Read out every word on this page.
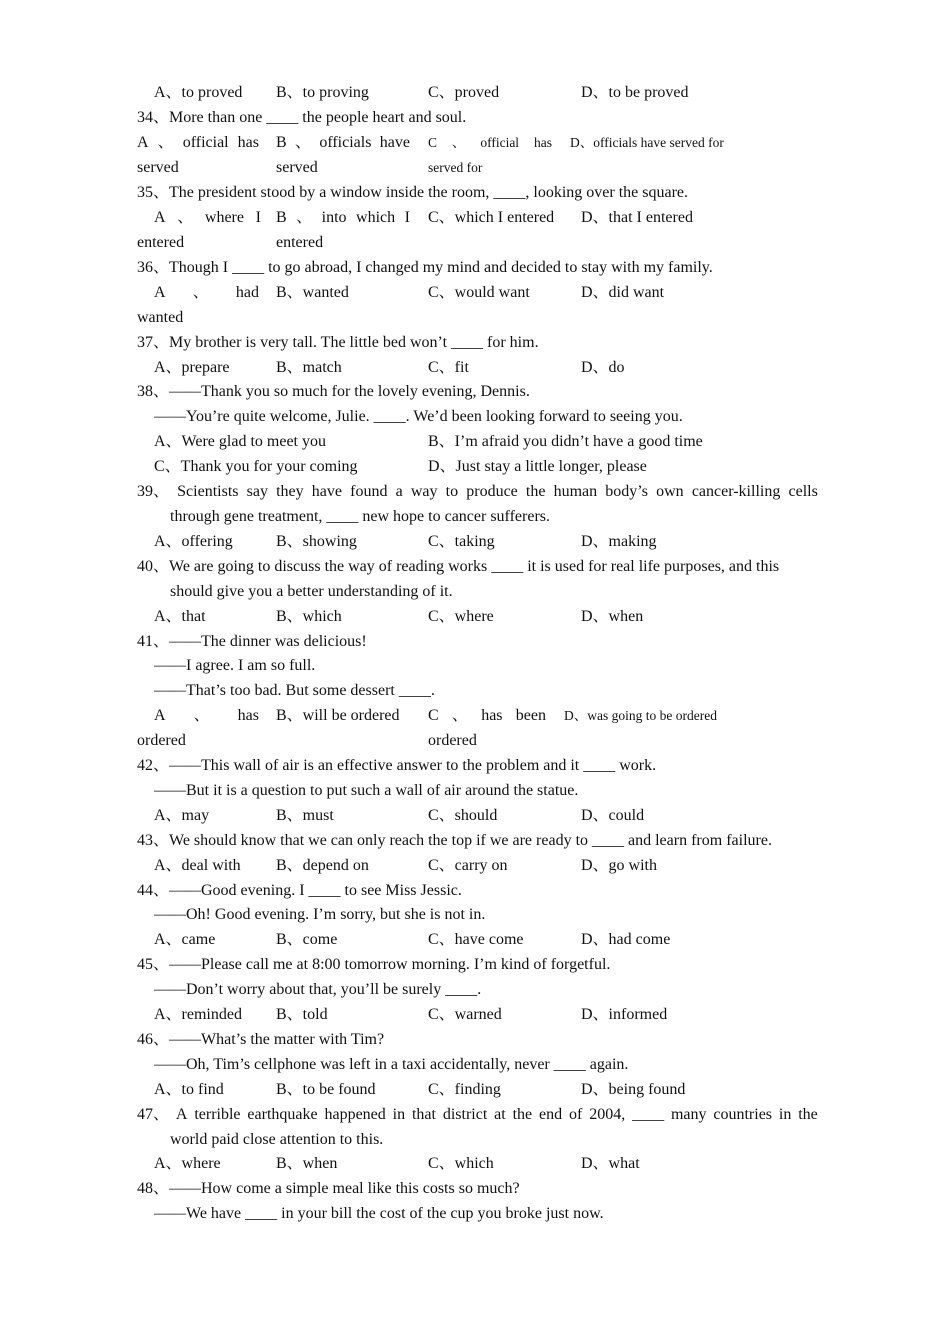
A、to proved B、to proving	C、proved	D、to be proved
34、More than one ____ the people heart and soul.
A 、 official has
served
B 、 officials have
served
C 、 official has
served for
D、officials have served for
35、The president stood by a window inside the room, ____, looking over the square.
A 、 where I
entered
B 、 into which I
entered
C、which I entered D、that I entered
36、Though I ____ to go abroad, I changed my mind and decided to stay with my family.
A 、 had
wanted
B、wanted	C、would want	D、did want
37、My brother is very tall. The little bed won’t ____ for him.
A、prepare	B、match	C、fit	D、do
38、——Thank you so much for the lovely evening, Dennis.
——You’re quite welcome, Julie. ____. We’d been looking forward to seeing you.
A、Were glad to meet you	B、I’m afraid you didn’t have a good time
C、Thank you for your coming	D、Just stay a little longer, please
39、 Scientists say they have found a way to produce the human body’s own cancer-killing cells
through gene treatment, ____ new hope to cancer sufferers.
A、offering	B、showing	C、taking	D、making
40、We are going to discuss the way of reading works ____ it is used for real life purposes, and this
should give you a better understanding of it.
A、that	B、which	C、where	D、when
41、——The dinner was delicious!
——I agree. I am so full.
——That’s too bad. But some dessert ____.
A 、 has
ordered
B、will be ordered C 、 has been
ordered
D、was going to be ordered
42、——This wall of air is an effective answer to the problem and it ____ work.
——But it is a question to put such a wall of air around the statue.
A、may	B、must	C、should	D、could
43、We should know that we can only reach the top if we are ready to ____ and learn from failure.
A、deal with B、depend on	C、carry on	D、go with
44、——Good evening. I ____ to see Miss Jessic.
——Oh! Good evening. I’m sorry, but she is not in.
A、came	B、come	C、have come	D、had come
45、——Please call me at 8:00 tomorrow morning. I’m kind of forgetful.
——Don’t worry about that, you’ll be surely ____.
A、reminded B、told	C、warned	D、informed
46、——What’s the matter with Tim?
——Oh, Tim’s cellphone was left in a taxi accidentally, never ____ again.
A、to find	B、to be found	C、finding	D、being found
47、 A terrible earthquake happened in that district at the end of 2004, ____ many countries in the
world paid close attention to this.
A、where	B、when	C、which	D、what
48、——How come a simple meal like this costs so much?
——We have ____ in your bill the cost of the cup you broke just now.
